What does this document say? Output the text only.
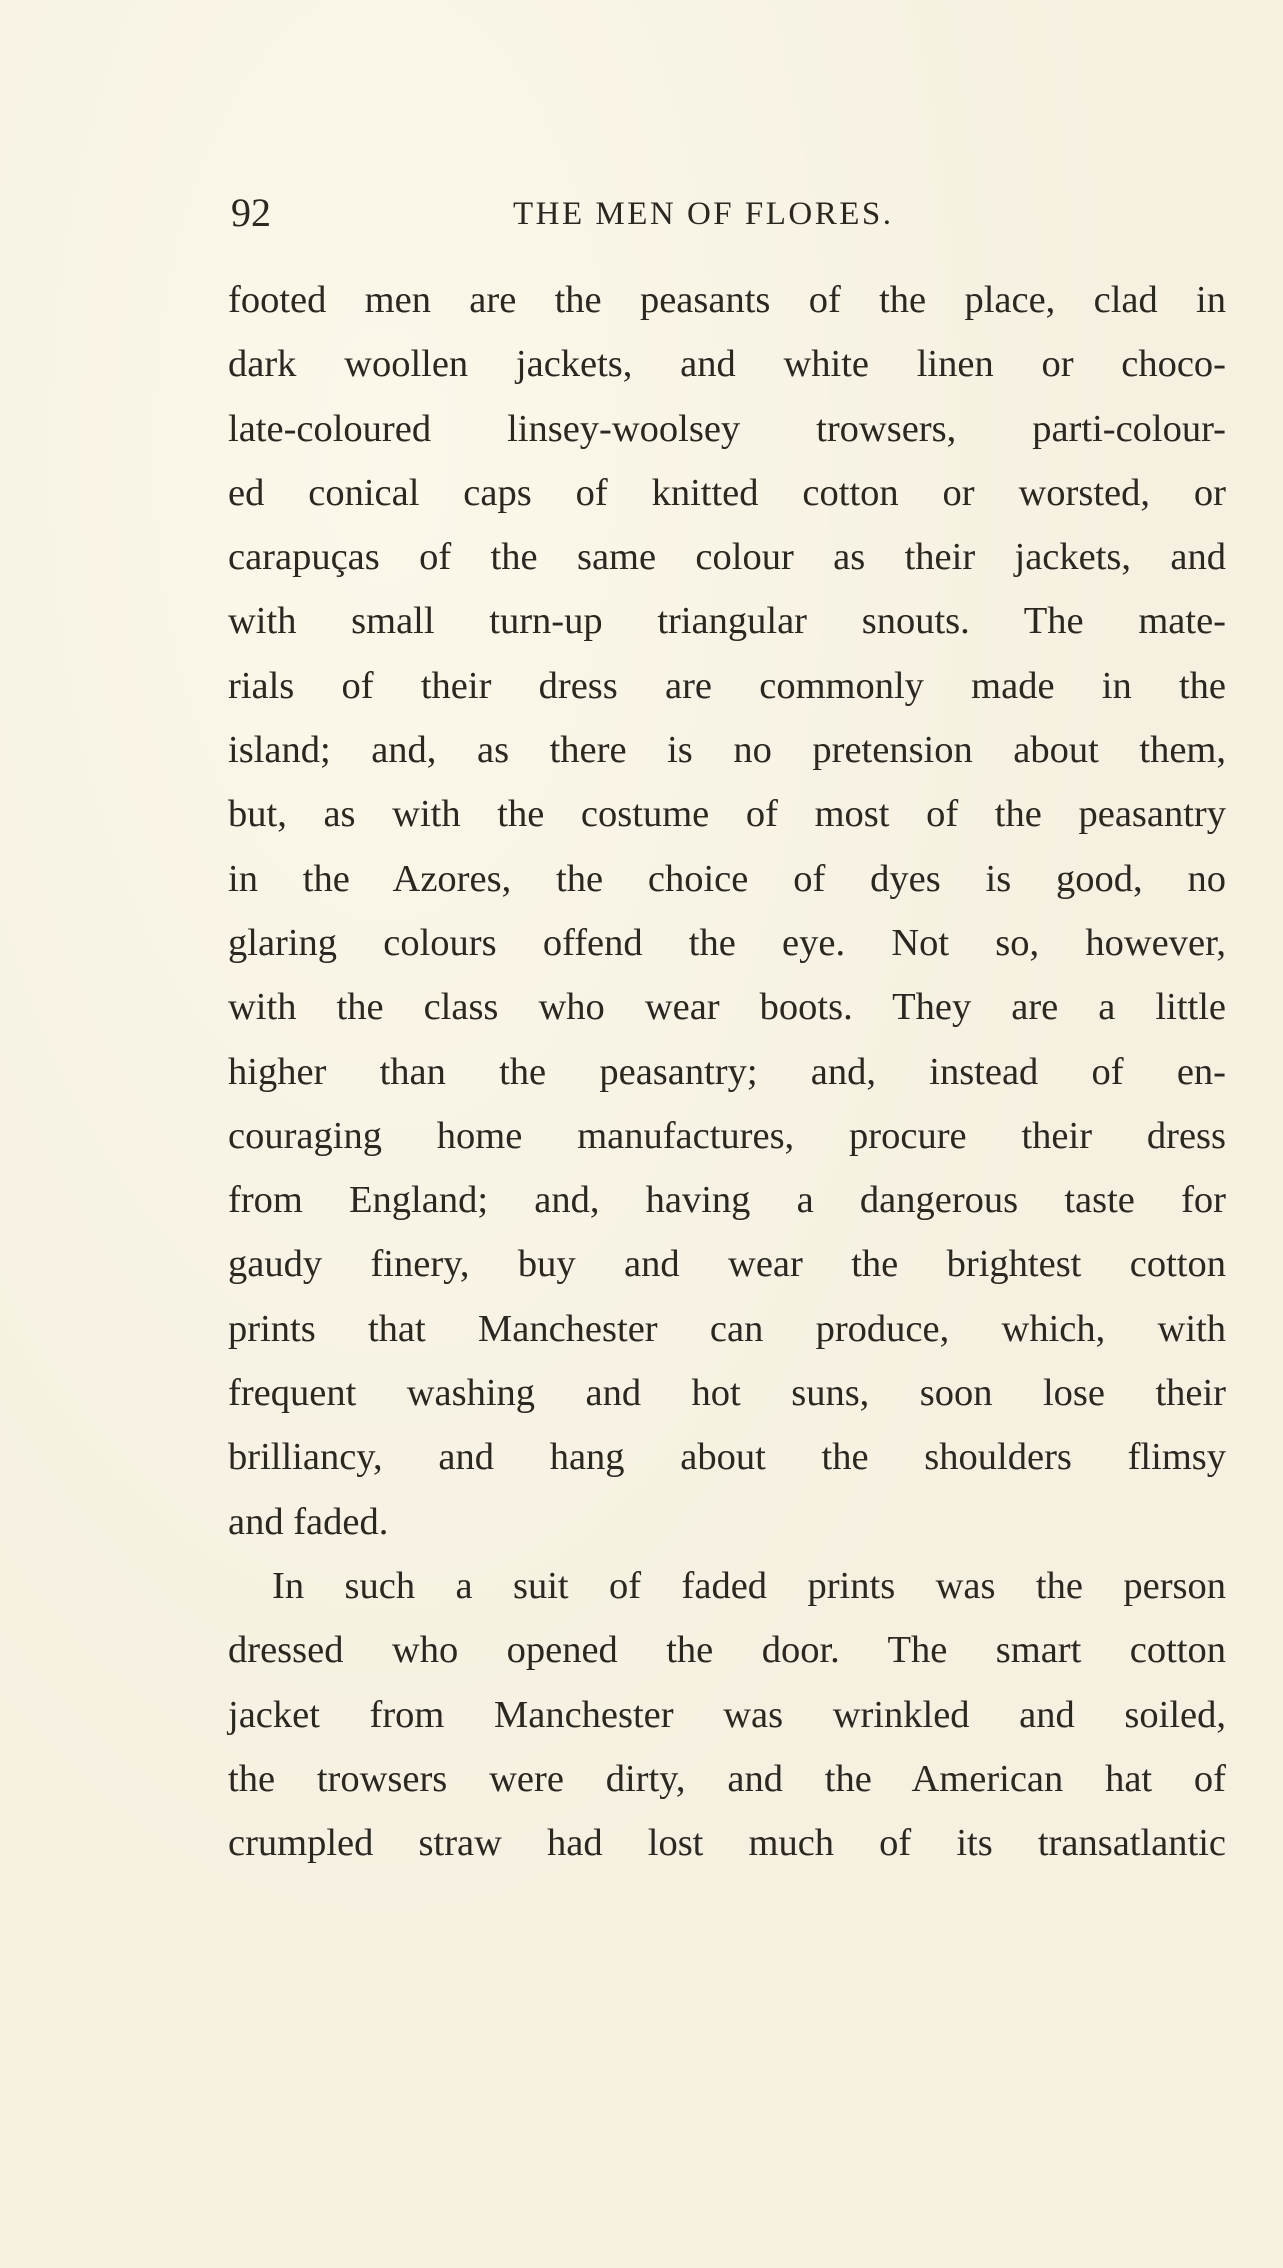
92	THE MEN OF FLORES.
footed men are the peasants of the place, clad in
dark woollen jackets, and white linen or choco-
late-coloured linsey-woolsey trowsers, parti-colour-
ed conical caps of knitted cotton or worsted, or
carapuças of the same colour as their jackets, and
with small turn-up triangular snouts. The mate-
rials of their dress are commonly made in the
island; and, as there is no pretension about them,
but, as with the costume of most of the peasantry
in the Azores, the choice of dyes is good, no
glaring colours offend the eye. Not so, however,
with the class who wear boots. They are a little
higher than the peasantry; and, instead of en-
couraging home manufactures, procure their dress
from England; and, having a dangerous taste for
gaudy finery, buy and wear the brightest cotton
prints that Manchester can produce, which, with
frequent washing and hot suns, soon lose their
brilliancy, and hang about the shoulders flimsy
and faded.
In such a suit of faded prints was the person
dressed who opened the door. The smart cotton
jacket from Manchester was wrinkled and soiled,
the trowsers were dirty, and the American hat of
crumpled straw had lost much of its transatlantic
